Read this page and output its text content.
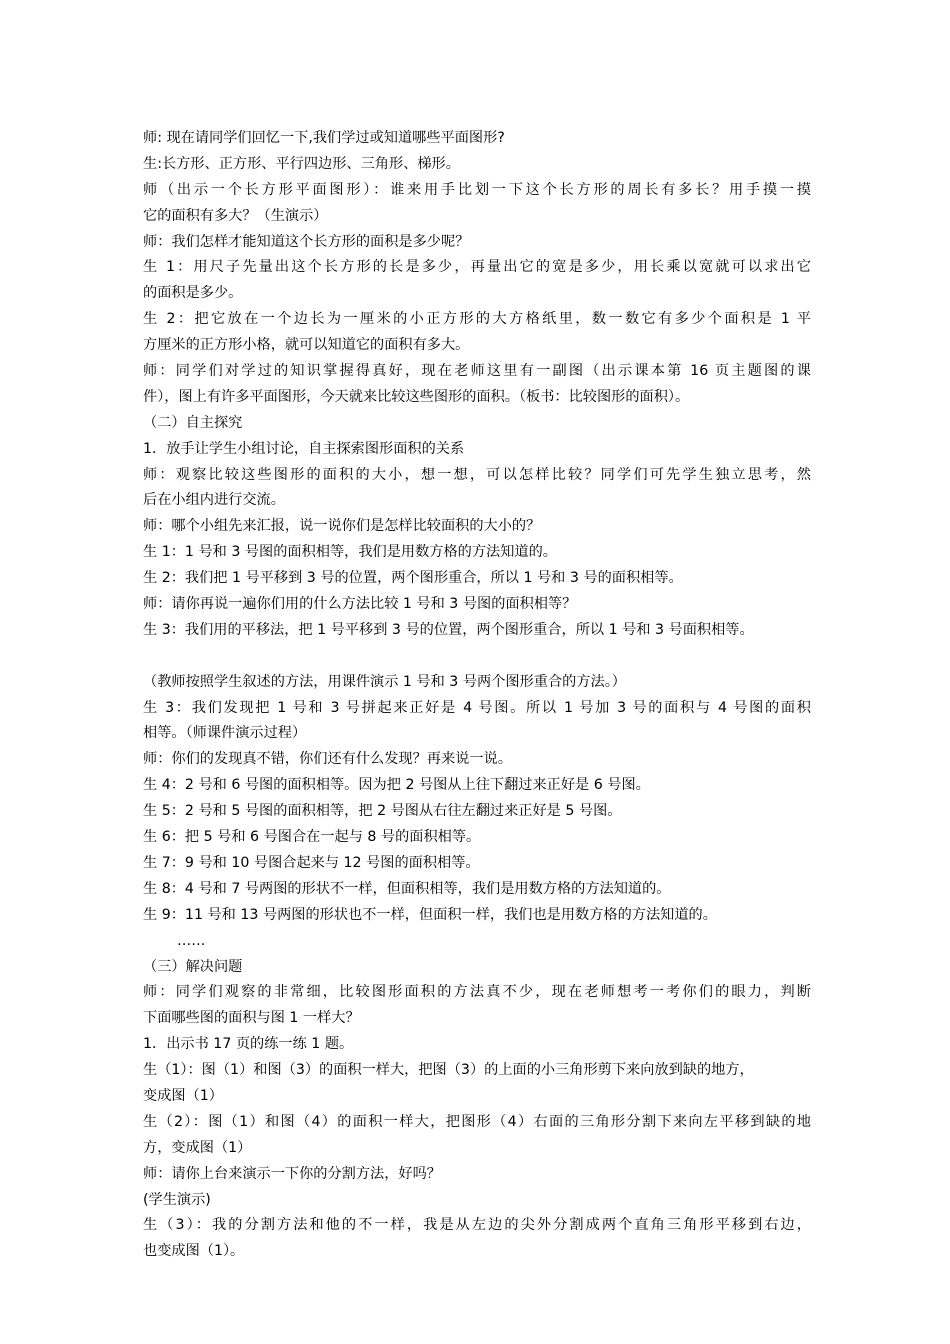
师: 现在请同学们回忆一下,我们学过或知道哪些平面图形?
生:长方形、正方形、平行四边形、三角形、梯形。
师（出示一个长方形平面图形）：谁来用手比划一下这个长方形的周长有多长？用手摸一摸
它的面积有多大？（生演示）
师：我们怎样才能知道这个长方形的面积是多少呢？
生 1：用尺子先量出这个长方形的长是多少，再量出它的宽是多少，用长乘以宽就可以求出它
的面积是多少。
生 2：把它放在一个边长为一厘米的小正方形的大方格纸里，数一数它有多少个面积是 1 平
方厘米的正方形小格，就可以知道它的面积有多大。
师：同学们对学过的知识掌握得真好，现在老师这里有一副图（出示课本第 16 页主题图的课
件），图上有许多平面图形，今天就来比较这些图形的面积。（板书：比较图形的面积）。
（二）自主探究
1．放手让学生小组讨论，自主探索图形面积的关系
师：观察比较这些图形的面积的大小，想一想，可以怎样比较？同学们可先学生独立思考，然
后在小组内进行交流。
师：哪个小组先来汇报，说一说你们是怎样比较面积的大小的？
生 1：1 号和 3 号图的面积相等，我们是用数方格的方法知道的。
生 2：我们把 1 号平移到 3 号的位置，两个图形重合，所以 1 号和 3 号的面积相等。
师：请你再说一遍你们用的什么方法比较 1 号和 3 号图的面积相等？
生 3：我们用的平移法，把 1 号平移到 3 号的位置，两个图形重合，所以 1 号和 3 号面积相等。
（教师按照学生叙述的方法，用课件演示 1 号和 3 号两个图形重合的方法。）
生 3：我们发现把 1 号和 3 号拼起来正好是 4 号图。所以 1 号加 3 号的面积与 4 号图的面积
相等。（师课件演示过程）
师：你们的发现真不错，你们还有什么发现？再来说一说。
生 4：2 号和 6 号图的面积相等。因为把 2 号图从上往下翻过来正好是 6 号图。
生 5：2 号和 5 号图的面积相等，把 2 号图从右往左翻过来正好是 5 号图。
生 6：把 5 号和 6 号图合在一起与 8 号的面积相等。
生 7：9 号和 10 号图合起来与 12 号图的面积相等。
生 8：4 号和 7 号两图的形状不一样，但面积相等，我们是用数方格的方法知道的。
生 9：11 号和 13 号两图的形状也不一样，但面积一样，我们也是用数方格的方法知道的。
……
（三）解决问题
师：同学们观察的非常细，比较图形面积的方法真不少，现在老师想考一考你们的眼力，判断
下面哪些图的面积与图 1 一样大？
1．出示书 17 页的练一练 1 题。
生（1）：图（1）和图（3）的面积一样大，把图（3）的上面的小三角形剪下来向放到缺的地方，
变成图（1）
生（2）：图（1）和图（4）的面积一样大，把图形（4）右面的三角形分割下来向左平移到缺的地
方，变成图（1）
师：请你上台来演示一下你的分割方法，好吗？
(学生演示)
生（3）：我的分割方法和他的不一样，我是从左边的尖外分割成两个直角三角形平移到右边，
也变成图（1）。
